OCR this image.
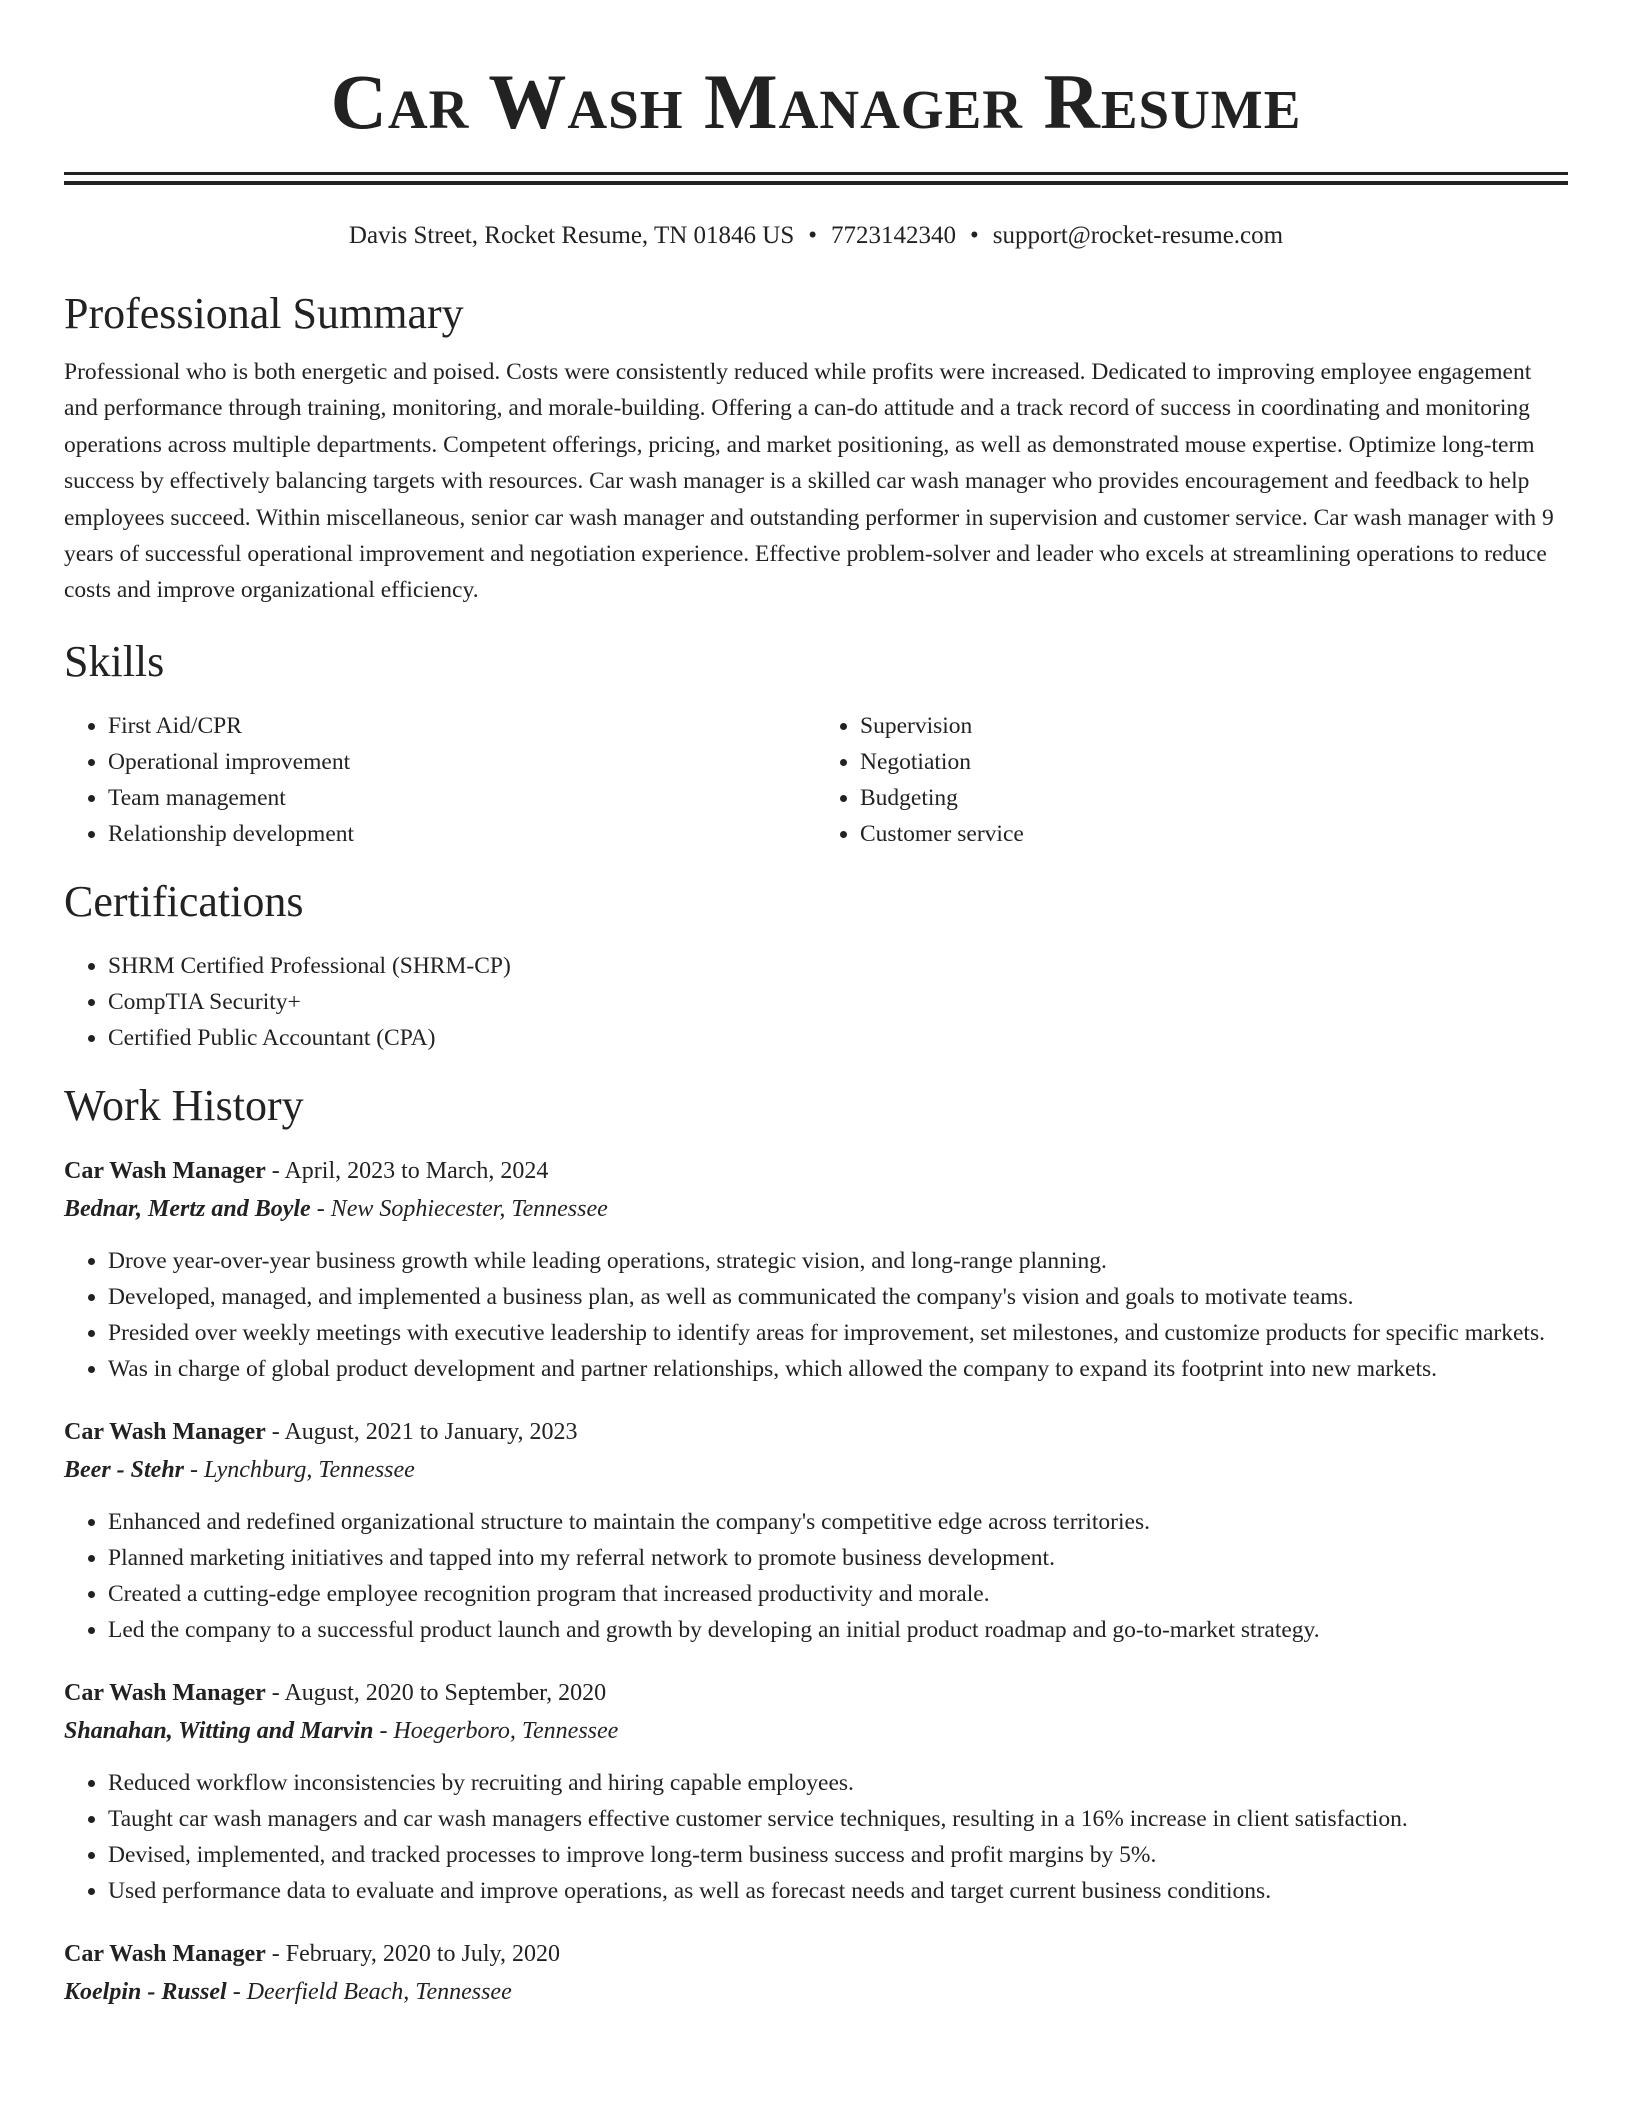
Car Wash Manager Resume
Davis Street, Rocket Resume, TN 01846 US • 7723142340 • support@rocket-resume.com
Professional Summary

Professional who is both energetic and poised. Costs were consistently reduced while profits were increased. Dedicated to improving employee engagement and performance through training, monitoring, and morale-building. Offering a can-do attitude and a track record of success in coordinating and monitoring operations across multiple departments. Competent offerings, pricing, and market positioning, as well as demonstrated mouse expertise. Optimize long-term success by effectively balancing targets with resources. Car wash manager is a skilled car wash manager who provides encouragement and feedback to help employees succeed. Within miscellaneous, senior car wash manager and outstanding performer in supervision and customer service. Car wash manager with 9 years of successful operational improvement and negotiation experience. Effective problem-solver and leader who excels at streamlining operations to reduce costs and improve organizational efficiency.

Skills
• First Aid/CPR
• Operational improvement
• Team management
• Relationship development
• Supervision
• Negotiation
• Budgeting
• Customer service
Certifications
• SHRM Certified Professional (SHRM-CP)
• CompTIA Security+
• Certified Public Accountant (CPA)
Work History
Car Wash Manager - April, 2023 to March, 2024
Bednar, Mertz and Boyle - New Sophiecester, Tennessee
• Drove year-over-year business growth while leading operations, strategic vision, and long-range planning.
• Developed, managed, and implemented a business plan, as well as communicated the company's vision and goals to motivate teams.
• Presided over weekly meetings with executive leadership to identify areas for improvement, set milestones, and customize products for specific markets.
• Was in charge of global product development and partner relationships, which allowed the company to expand its footprint into new markets.
Car Wash Manager - August, 2021 to January, 2023
Beer - Stehr - Lynchburg, Tennessee
• Enhanced and redefined organizational structure to maintain the company's competitive edge across territories.
• Planned marketing initiatives and tapped into my referral network to promote business development.
• Created a cutting-edge employee recognition program that increased productivity and morale.
• Led the company to a successful product launch and growth by developing an initial product roadmap and go-to-market strategy.
Car Wash Manager - August, 2020 to September, 2020
Shanahan, Witting and Marvin - Hoegerboro, Tennessee
• Reduced workflow inconsistencies by recruiting and hiring capable employees.
• Taught car wash managers and car wash managers effective customer service techniques, resulting in a 16% increase in client satisfaction.
• Devised, implemented, and tracked processes to improve long-term business success and profit margins by 5%.
• Used performance data to evaluate and improve operations, as well as forecast needs and target current business conditions.
Car Wash Manager - February, 2020 to July, 2020
Koelpin - Russel - Deerfield Beach, Tennessee
